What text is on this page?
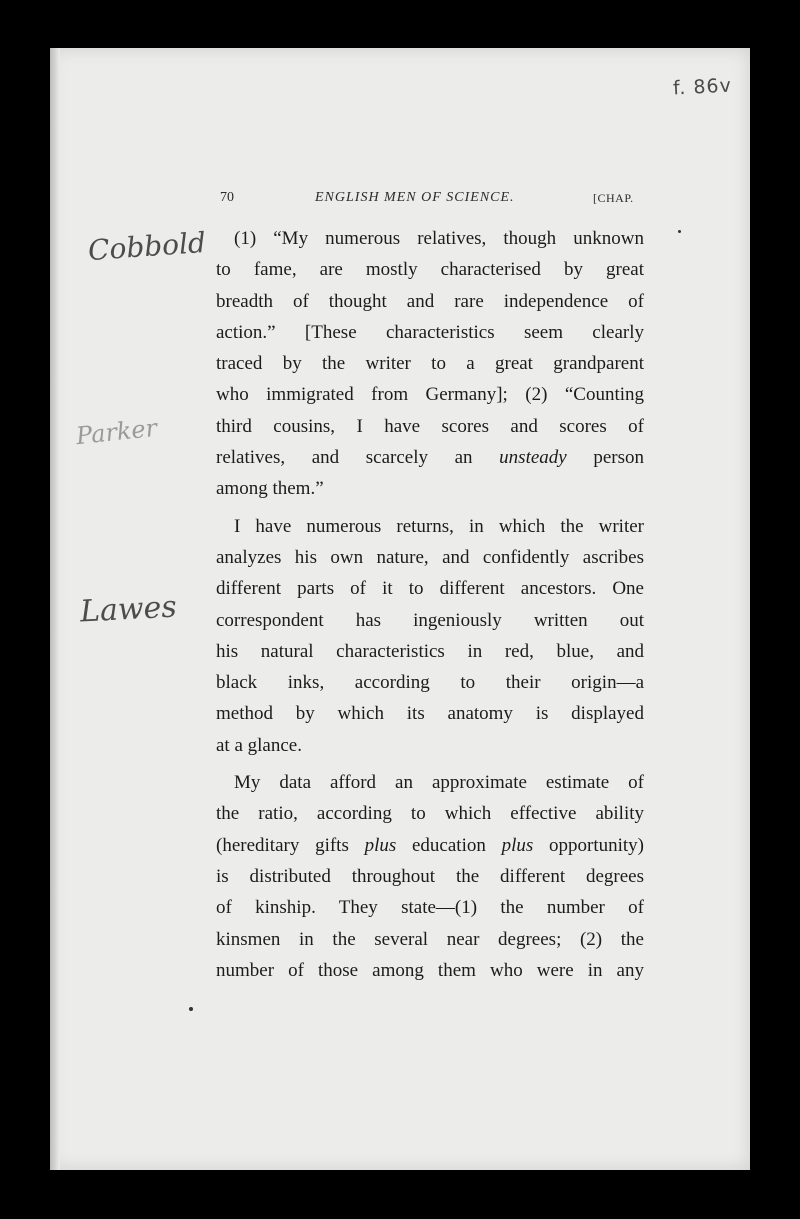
f. 86v
70	ENGLISH MEN OF SCIENCE.	[CHAP.
Cobbold
Parker
Lawes
(1) “My numerous relatives, though unknown
to fame, are mostly characterised by great
breadth of thought and rare independence of
action.” [These characteristics seem clearly
traced by the writer to a great grandparent
who immigrated from Germany]; (2) “Counting
third cousins, I have scores and scores of
relatives, and scarcely an unsteady person
among them.”
I have numerous returns, in which the writer
analyzes his own nature, and confidently ascribes
different parts of it to different ancestors. One
correspondent has ingeniously written out
his natural characteristics in red, blue, and
black inks, according to their origin—a
method by which its anatomy is displayed
at a glance.
My data afford an approximate estimate of
the ratio, according to which effective ability
(hereditary gifts plus education plus opportunity)
is distributed throughout the different degrees
of kinship. They state—(1) the number of
kinsmen in the several near degrees; (2) the
number of those among them who were in any
